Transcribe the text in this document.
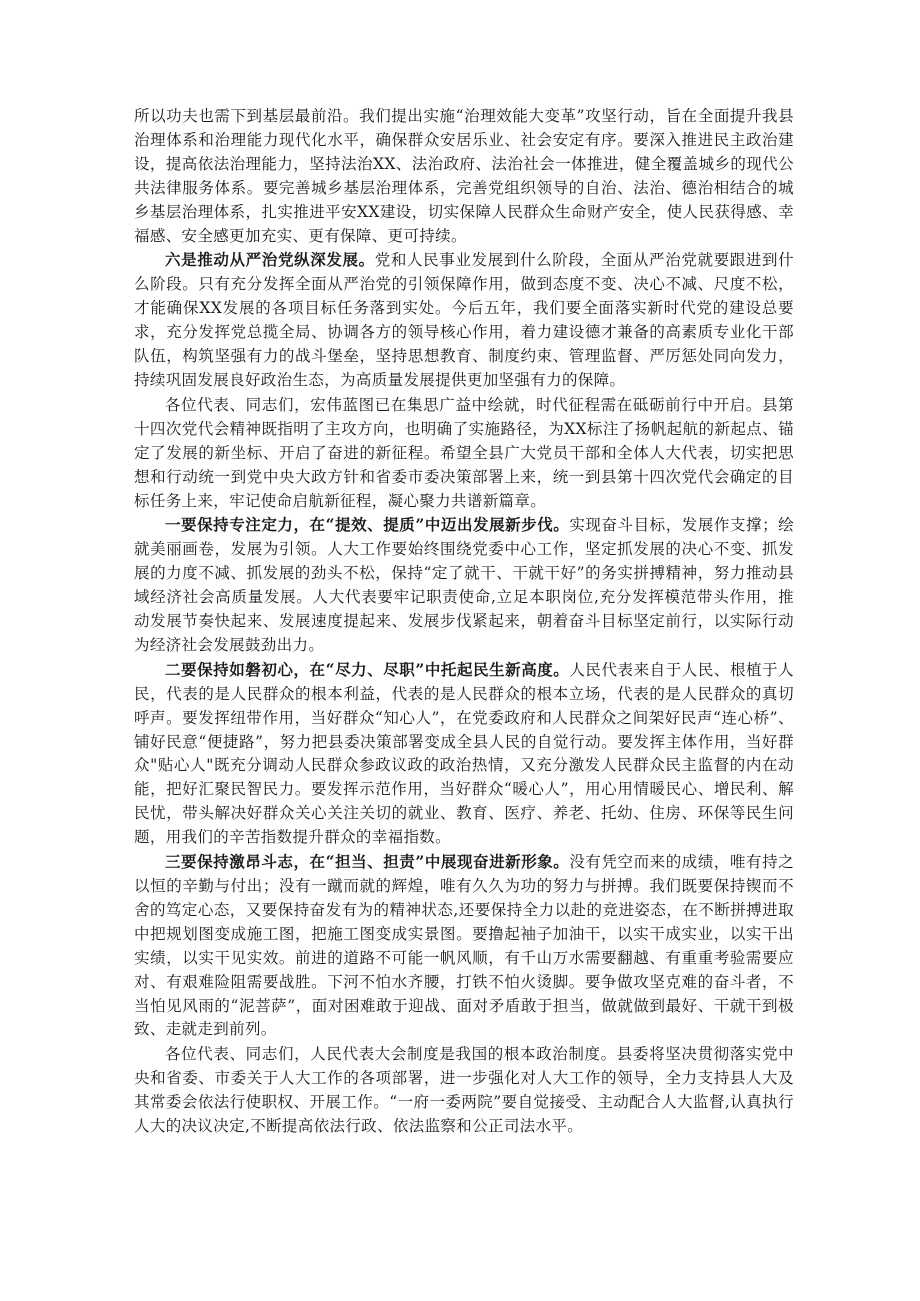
所以功夫也需下到基层最前沿。我们提出实施“治理效能大变革”攻坚行动，旨在全面提升我县治理体系和治理能力现代化水平，确保群众安居乐业、社会安定有序。要深入推进民主政治建设，提高依法治理能力，坚持法治XX、法治政府、法治社会一体推进，健全覆盖城乡的现代公共法律服务体系。要完善城乡基层治理体系，完善党组织领导的自治、法治、德治相结合的城乡基层治理体系，扎实推进平安XX建设，切实保障人民群众生命财产安全，使人民获得感、幸福感、安全感更加充实、更有保障、更可持续。

六是推动从严治党纵深发展。党和人民事业发展到什么阶段，全面从严治党就要跟进到什么阶段。只有充分发挥全面从严治党的引领保障作用，做到态度不变、决心不减、尺度不松，才能确保XX发展的各项目标任务落到实处。今后五年，我们要全面落实新时代党的建设总要求，充分发挥党总揽全局、协调各方的领导核心作用，着力建设德才兼备的高素质专业化干部队伍，构筑坚强有力的战斗堡垒，坚持思想教育、制度约束、管理监督、严厉惩处同向发力，持续巩固发展良好政治生态，为高质量发展提供更加坚强有力的保障。

各位代表、同志们，宏伟蓝图已在集思广益中绘就，时代征程需在砥砺前行中开启。县第十四次党代会精神既指明了主攻方向，也明确了实施路径，为XX标注了扬帆起航的新起点、锚定了发展的新坐标、开启了奋进的新征程。希望全县广大党员干部和全体人大代表，切实把思想和行动统一到党中央大政方针和省委市委决策部署上来，统一到县第十四次党代会确定的目标任务上来，牢记使命启航新征程，凝心聚力共谱新篇章。

一要保持专注定力，在“提效、提质”中迈出发展新步伐。实现奋斗目标，发展作支撑；绘就美丽画卷，发展为引领。人大工作要始终围绕党委中心工作，坚定抓发展的决心不变、抓发展的力度不减、抓发展的劲头不松，保持“定了就干、干就干好”的务实拼搏精神，努力推动县域经济社会高质量发展。人大代表要牢记职责使命,立足本职岗位,充分发挥模范带头作用，推动发展节奏快起来、发展速度提起来、发展步伐紧起来，朝着奋斗目标坚定前行，以实际行动为经济社会发展鼓劲出力。

二要保持如磐初心，在“尽力、尽职”中托起民生新高度。人民代表来自于人民、根植于人民，代表的是人民群众的根本利益，代表的是人民群众的根本立场，代表的是人民群众的真切呼声。要发挥纽带作用，当好群众“知心人”，在党委政府和人民群众之间架好民声“连心桥”、铺好民意“便捷路”，努力把县委决策部署变成全县人民的自觉行动。要发挥主体作用，当好群众"贴心人"既充分调动人民群众参政议政的政治热情，又充分激发人民群众民主监督的内在动能，把好汇聚民智民力。要发挥示范作用，当好群众“暖心人”，用心用情暖民心、增民利、解民忧，带头解决好群众关心关注关切的就业、教育、医疗、养老、托幼、住房、环保等民生问题，用我们的辛苦指数提升群众的幸福指数。

三要保持激昂斗志，在“担当、担责”中展现奋进新形象。没有凭空而来的成绩，唯有持之以恒的辛勤与付出；没有一蹴而就的辉煌，唯有久久为功的努力与拼搏。我们既要保持锲而不舍的笃定心态，又要保持奋发有为的精神状态,还要保持全力以赴的竞进姿态，在不断拼搏进取中把规划图变成施工图，把施工图变成实景图。要撸起袖子加油干，以实干成实业，以实干出实绩，以实干见实效。前进的道路不可能一帆风顺，有千山万水需要翻越、有重重考验需要应对、有艰难险阻需要战胜。下河不怕水齐腰，打铁不怕火烫脚。要争做攻坚克难的奋斗者，不当怕见风雨的“泥菩萨”，面对困难敢于迎战、面对矛盾敢于担当，做就做到最好、干就干到极致、走就走到前列。

各位代表、同志们，人民代表大会制度是我国的根本政治制度。县委将坚决贯彻落实党中央和省委、市委关于人大工作的各项部署，进一步强化对人大工作的领导，全力支持县人大及其常委会依法行使职权、开展工作。“一府一委两院”要自觉接受、主动配合人大监督,认真执行人大的决议决定,不断提高依法行政、依法监察和公正司法水平。
